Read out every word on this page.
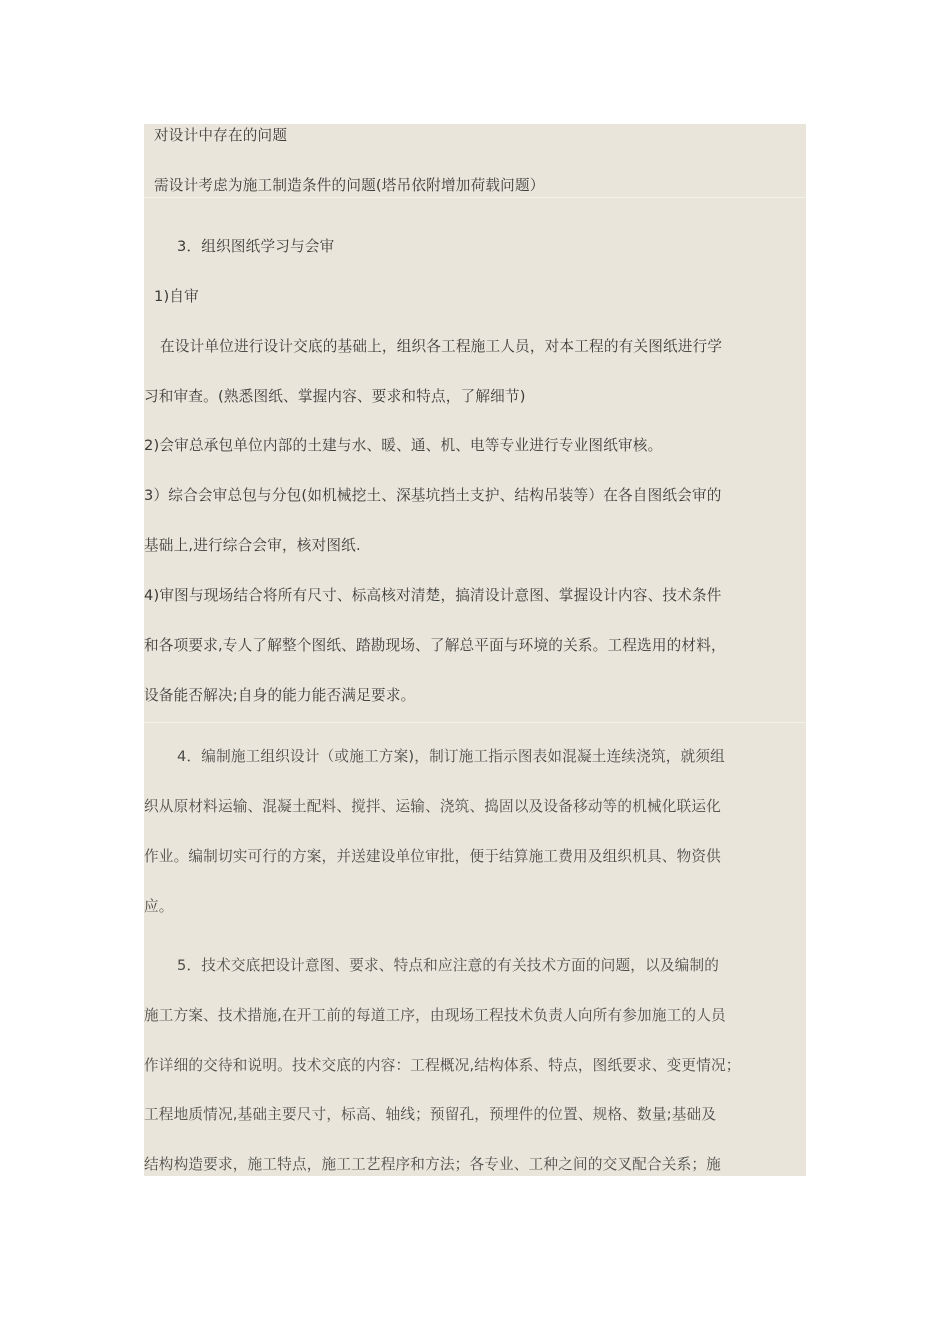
对设计中存在的问题
需设计考虑为施工制造条件的问题(塔吊依附增加荷载问题）
3．组织图纸学习与会审
1)自审
在设计单位进行设计交底的基础上，组织各工程施工人员，对本工程的有关图纸进行学
习和审查。(熟悉图纸、掌握内容、要求和特点，了解细节)
2)会审总承包单位内部的土建与水、暖、通、机、电等专业进行专业图纸审核。
3）综合会审总包与分包(如机械挖土、深基坑挡土支护、结构吊装等）在各自图纸会审的
基础上,进行综合会审，核对图纸.
4)审图与现场结合将所有尺寸、标高核对清楚，搞清设计意图、掌握设计内容、技术条件
和各项要求,专人了解整个图纸、踏勘现场、了解总平面与环境的关系。工程选用的材料，
设备能否解决;自身的能力能否满足要求。
4．编制施工组织设计（或施工方案)，制订施工指示图表如混凝土连续浇筑，就须组
织从原材料运输、混凝土配料、搅拌、运输、浇筑、捣固以及设备移动等的机械化联运化
作业。编制切实可行的方案，并送建设单位审批，便于结算施工费用及组织机具、物资供
应。
5．技术交底把设计意图、要求、特点和应注意的有关技术方面的问题，以及编制的
施工方案、技术措施,在开工前的每道工序，由现场工程技术负责人向所有参加施工的人员
作详细的交待和说明。技术交底的内容：工程概况,结构体系、特点，图纸要求、变更情况；
工程地质情况,基础主要尺寸，标高、轴线；预留孔，预埋件的位置、规格、数量;基础及
结构构造要求，施工特点，施工工艺程序和方法；各专业、工种之间的交叉配合关系；施
